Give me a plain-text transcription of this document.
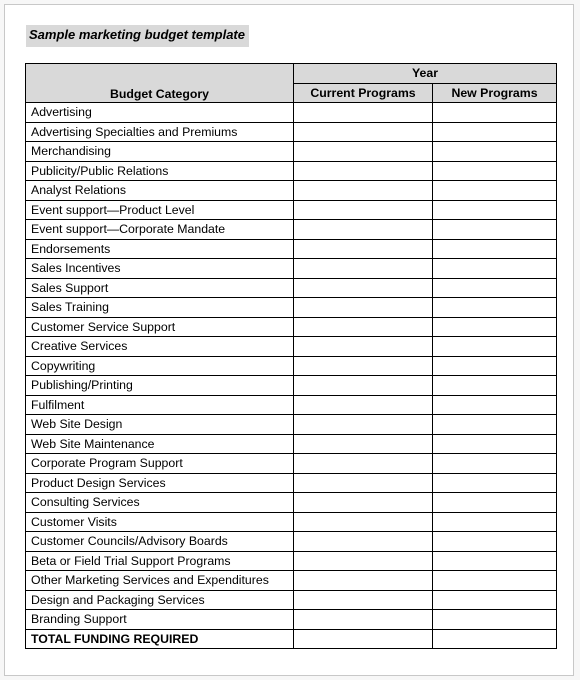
Sample marketing budget template
Budget Category	Year	
	Current Programs	New Programs
Advertising		
Advertising Specialties and Premiums		
Merchandising		
Publicity/Public Relations		
Analyst Relations		
Event support—Product Level		
Event support—Corporate Mandate		
Endorsements		
Sales Incentives		
Sales Support		
Sales Training		
Customer Service Support		
Creative Services		
Copywriting		
Publishing/Printing		
Fulfilment		
Web Site Design		
Web Site Maintenance		
Corporate Program Support		
Product Design Services		
Consulting Services		
Customer Visits		
Customer Councils/Advisory Boards		
Beta or Field Trial Support Programs		
Other Marketing Services and Expenditures		
Design and Packaging Services		
Branding Support		
TOTAL FUNDING REQUIRED		
